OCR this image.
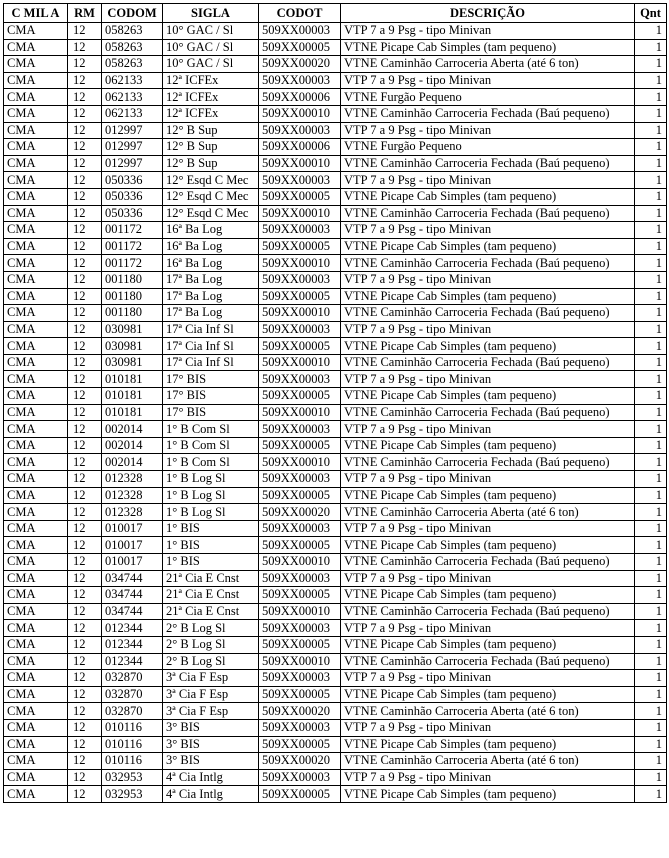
C MIL A	RM	CODOM	SIGLA	CODOT	DESCRIÇÃO	Qnt
CMA	12	058263	10° GAC / Sl	509XX00003	VTP 7 a 9 Psg - tipo Minivan	1
CMA	12	058263	10° GAC / Sl	509XX00005	VTNE Picape Cab Simples (tam pequeno)	1
CMA	12	058263	10° GAC / Sl	509XX00020	VTNE Caminhão Carroceria Aberta (até 6 ton)	1
CMA	12	062133	12ª ICFEx	509XX00003	VTP 7 a 9 Psg - tipo Minivan	1
CMA	12	062133	12ª ICFEx	509XX00006	VTNE Furgão Pequeno	1
CMA	12	062133	12ª ICFEx	509XX00010	VTNE Caminhão Carroceria Fechada (Baú pequeno)	1
CMA	12	012997	12° B Sup	509XX00003	VTP 7 a 9 Psg - tipo Minivan	1
CMA	12	012997	12° B Sup	509XX00006	VTNE Furgão Pequeno	1
CMA	12	012997	12° B Sup	509XX00010	VTNE Caminhão Carroceria Fechada (Baú pequeno)	1
CMA	12	050336	12° Esqd C Mec	509XX00003	VTP 7 a 9 Psg - tipo Minivan	1
CMA	12	050336	12° Esqd C Mec	509XX00005	VTNE Picape Cab Simples (tam pequeno)	1
CMA	12	050336	12° Esqd C Mec	509XX00010	VTNE Caminhão Carroceria Fechada (Baú pequeno)	1
CMA	12	001172	16ª Ba Log	509XX00003	VTP 7 a 9 Psg - tipo Minivan	1
CMA	12	001172	16ª Ba Log	509XX00005	VTNE Picape Cab Simples (tam pequeno)	1
CMA	12	001172	16ª Ba Log	509XX00010	VTNE Caminhão Carroceria Fechada (Baú pequeno)	1
CMA	12	001180	17ª Ba Log	509XX00003	VTP 7 a 9 Psg - tipo Minivan	1
CMA	12	001180	17ª Ba Log	509XX00005	VTNE Picape Cab Simples (tam pequeno)	1
CMA	12	001180	17ª Ba Log	509XX00010	VTNE Caminhão Carroceria Fechada (Baú pequeno)	1
CMA	12	030981	17ª Cia Inf Sl	509XX00003	VTP 7 a 9 Psg - tipo Minivan	1
CMA	12	030981	17ª Cia Inf Sl	509XX00005	VTNE Picape Cab Simples (tam pequeno)	1
CMA	12	030981	17ª Cia Inf Sl	509XX00010	VTNE Caminhão Carroceria Fechada (Baú pequeno)	1
CMA	12	010181	17° BIS	509XX00003	VTP 7 a 9 Psg - tipo Minivan	1
CMA	12	010181	17° BIS	509XX00005	VTNE Picape Cab Simples (tam pequeno)	1
CMA	12	010181	17° BIS	509XX00010	VTNE Caminhão Carroceria Fechada (Baú pequeno)	1
CMA	12	002014	1° B Com Sl	509XX00003	VTP 7 a 9 Psg - tipo Minivan	1
CMA	12	002014	1° B Com Sl	509XX00005	VTNE Picape Cab Simples (tam pequeno)	1
CMA	12	002014	1° B Com Sl	509XX00010	VTNE Caminhão Carroceria Fechada (Baú pequeno)	1
CMA	12	012328	1° B Log Sl	509XX00003	VTP 7 a 9 Psg - tipo Minivan	1
CMA	12	012328	1° B Log Sl	509XX00005	VTNE Picape Cab Simples (tam pequeno)	1
CMA	12	012328	1° B Log Sl	509XX00020	VTNE Caminhão Carroceria Aberta (até 6 ton)	1
CMA	12	010017	1° BIS	509XX00003	VTP 7 a 9 Psg - tipo Minivan	1
CMA	12	010017	1° BIS	509XX00005	VTNE Picape Cab Simples (tam pequeno)	1
CMA	12	010017	1° BIS	509XX00010	VTNE Caminhão Carroceria Fechada (Baú pequeno)	1
CMA	12	034744	21ª Cia E Cnst	509XX00003	VTP 7 a 9 Psg - tipo Minivan	1
CMA	12	034744	21ª Cia E Cnst	509XX00005	VTNE Picape Cab Simples (tam pequeno)	1
CMA	12	034744	21ª Cia E Cnst	509XX00010	VTNE Caminhão Carroceria Fechada (Baú pequeno)	1
CMA	12	012344	2° B Log Sl	509XX00003	VTP 7 a 9 Psg - tipo Minivan	1
CMA	12	012344	2° B Log Sl	509XX00005	VTNE Picape Cab Simples (tam pequeno)	1
CMA	12	012344	2° B Log Sl	509XX00010	VTNE Caminhão Carroceria Fechada (Baú pequeno)	1
CMA	12	032870	3ª Cia F Esp	509XX00003	VTP 7 a 9 Psg - tipo Minivan	1
CMA	12	032870	3ª Cia F Esp	509XX00005	VTNE Picape Cab Simples (tam pequeno)	1
CMA	12	032870	3ª Cia F Esp	509XX00020	VTNE Caminhão Carroceria Aberta (até 6 ton)	1
CMA	12	010116	3° BIS	509XX00003	VTP 7 a 9 Psg - tipo Minivan	1
CMA	12	010116	3° BIS	509XX00005	VTNE Picape Cab Simples (tam pequeno)	1
CMA	12	010116	3° BIS	509XX00020	VTNE Caminhão Carroceria Aberta (até 6 ton)	1
CMA	12	032953	4ª Cia Intlg	509XX00003	VTP 7 a 9 Psg - tipo Minivan	1
CMA	12	032953	4ª Cia Intlg	509XX00005	VTNE Picape Cab Simples (tam pequeno)	1
